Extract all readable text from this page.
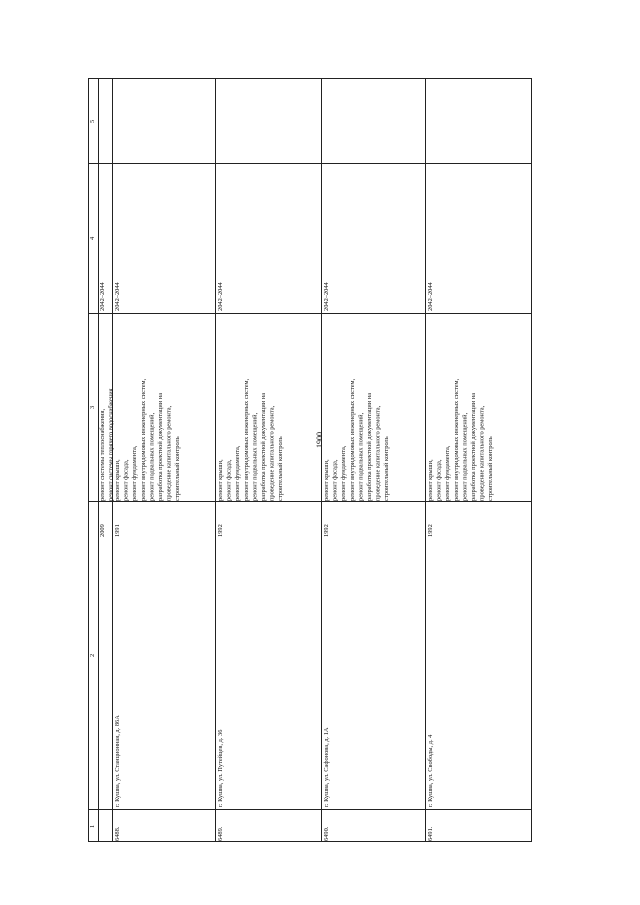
1900
5
4
3
2
1
2042–2044
ремонт системы теплоснабжения,
ремонт системы горячего водоснабжения
2009
2042–2044
ремонт крыши,
ремонт фасада,
ремонт фундамента,
ремонт внутридомовых инженерных систем,
ремонт подвальных помещений,
разработка проектной документации на
проведение капитального ремонта,
строительный контроль
1991
г. Кушва, ул. Станционная, д. 86А
6488.
2042–2044
ремонт крыши,
ремонт фасада,
ремонт фундамента,
ремонт внутридомовых инженерных систем,
ремонт подвальных помещений,
разработка проектной документации на
проведение капитального ремонта,
строительный контроль
1992
г. Кушва, ул. Путейцев, д. 36
6489.
2042–2044
ремонт крыши,
ремонт фасада,
ремонт фундамента,
ремонт внутридомовых инженерных систем,
ремонт подвальных помещений,
разработка проектной документации на
проведение капитального ремонта,
строительный контроль
1992
г. Кушва, ул. Сафонова, д. 1А
6490.
2042–2044
ремонт крыши,
ремонт фасада,
ремонт фундамента,
ремонт внутридомовых инженерных систем,
ремонт подвальных помещений,
разработка проектной документации на
проведение капитального ремонта,
строительный контроль
1992
г. Кушва, ул. Свободы, д. 4
6491.
